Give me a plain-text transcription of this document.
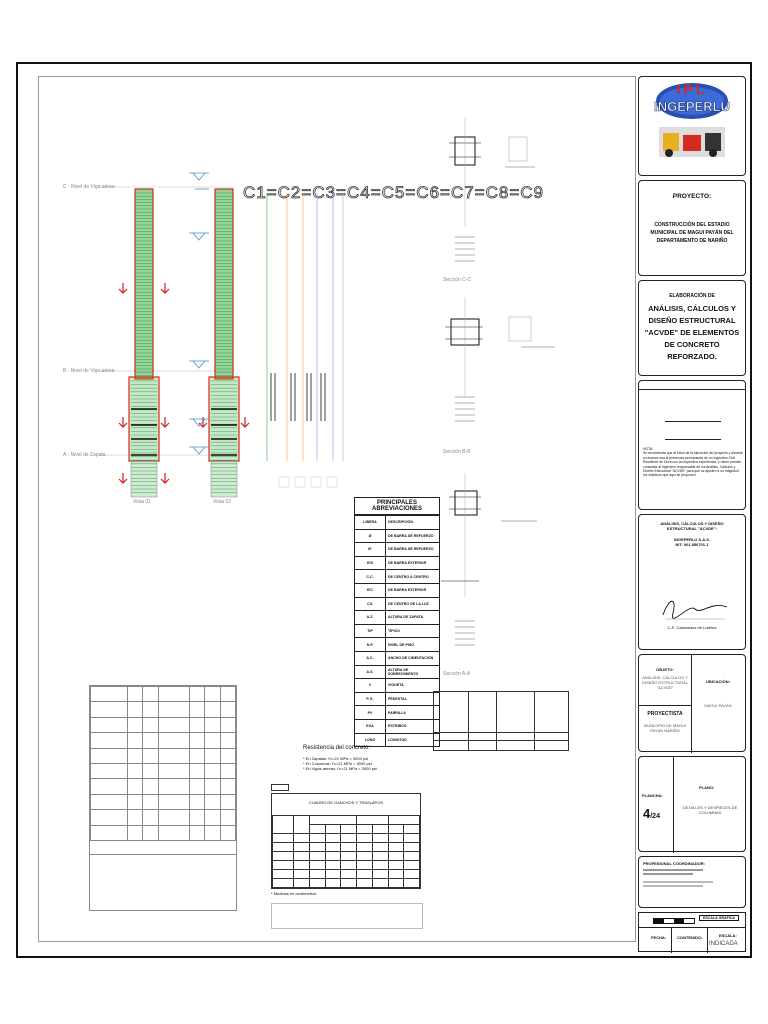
C1=C2=C3=C4=C5=C6=C7=C8=C9
C - Nivel de Viga aérea
B - Nivel de Viga aérea
A - Nivel de Zapata
Vista 01	Vista 02
Sección C-C
Sección B-B
Sección A-A
PRINCIPALES ABREVIACIONES
LIBERA	DESCRIPCIÓN
Ø	DE BARRA DE REFUERZO
Ø'	DE BARRA DE REFUERZO
E/S	DE BARRA EXTERIOR
C.C.	DE CENTRO A CENTRO
E/C	DE BARRA EXTERIOR
C/L	DE CENTRO DE LA LUZ
A.Z.	ALTURA DE ZAPATA
TIP	TÍPICO
N.P.	NIVEL DE PISO
A.C.	ANCHO DE CIMENTACIÓN
A.S.	ALTURA DE SOBRECIMIENTO
V	VIGUETA
P. E.	PEDESTAL
PV	PARRILLA
EXA	ESTRIBOS
LONG	LONGITUD

Resistencia del concreto:
* En Zapatas: f'c=21 MPa = 3000 psi
* En Columnas: f'c=21 MPa = 3000 psi
* En Vigas aéreas: f'c=21 MPa = 3000 psi
CUADRO DE GANCHOS Y TRASLAPOS

* Medidas en centímetros
IPL
INGEPERLU
PROYECTO:
CONSTRUCCIÓN DEL ESTADIO MUNICIPAL DE MAGUI PAYÁN DEL DEPARTAMENTO DE NARIÑO
ELABORACIÓN DE
ANÁLISIS, CÁLCULOS Y DISEÑO ESTRUCTURAL "ACVDE" DE ELEMENTOS DE CONCRETO REFORZADO.
NOTA:
Se recomienda que al inicio de la ejecución del proyecto y durante su avance sea la presencia permanente de un Ingeniero Civil Residente de Obra con la respectiva experiencia, y hacer previas consultas al Ingeniero responsable de los Análisis, Cálculos y Diseño Estructural "ACVDE" para que se ajusten a su magnitud los objetivos que aquí se proponen.
ANÁLISIS, CÁLCULOS Y DISEÑO ESTRUCTURAL "ACVDE":
INGEPERLU S.A.S.
NIT: 901 856701-1
C.E. Calambáss de Ludena
OBJETO:
ANÁLISIS, CÁLCULOS Y DISEÑO ESTRUCTURAL "ACVDE"
UBICACIÓN:
MAGUI PAYÁN
PROYECTISTA
MUNICIPIO DE MAGUI PAYÁN NARIÑO
PLANO:
DETALLES Y DESPIECES DE COLUMNAS
PLANCHA:
4/24
PROFESIONAL COORDINADOR:
ESCALA GRÁFICA
FECHA:	CONTENIDO:	ESCALA:
INDICADA
